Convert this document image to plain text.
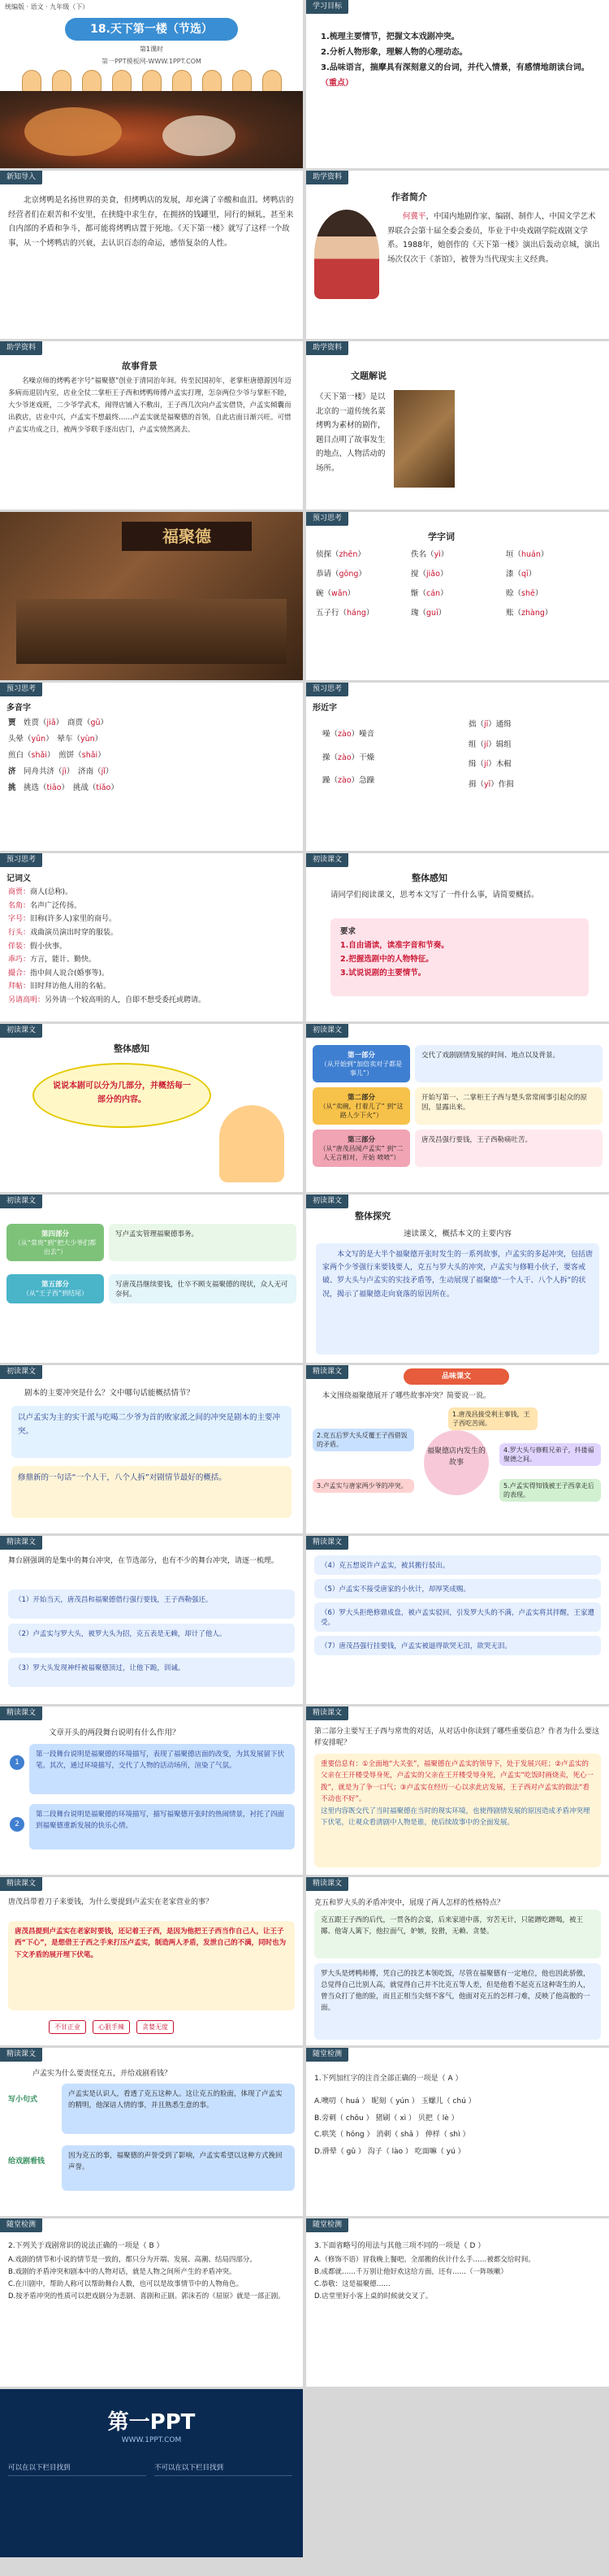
统编版 · 语文 · 九年级（下）
18.天下第一楼（节选）
第1课时
第一PPT模板网-WWW.1PPT.COM
学习目标
1.梳理主要情节，把握文本戏剧冲突。
2.分析人物形象，理解人物的心理动态。
3.品味语言，揣摩具有深刻意义的台词，并代入情景，有感情地朗读台词。（重点）
新知导入
北京烤鸭是名扬世界的美食，但烤鸭店的发展，却充满了辛酸和血泪。烤鸭店的经营者们在艰苦和不安里，在挟缝中求生存，在拥挤的钱罐里，同行的倾轧，甚至来自内部的矛盾和争斗，都可能将烤鸭店置于死地。《天下第一楼》就写了这样一个故事，从一个烤鸭店的兴衰，去认识百态的命运，感悟复杂的人性。
助学资料
作者简介
何冀平，中国内地剧作家、编剧、制作人，中国文学艺术界联合会第十届全委会委员，毕业于中央戏剧学院戏剧文学系。1988年，她创作的《天下第一楼》演出后轰动京城，演出场次仅次于《茶馆》，被誉为当代现实主义经典。
助学资料
故事背景
名噪京师的烤鸭老字号“福聚德”创业于清同治年间。传至民国初年，老掌柜唐德源因年迈多病而退居内室，店业全仗二掌柜王子西和烤鸭师傅卢孟实打理，怎奈两位少爷与掌柜不睦，大少爷迷戏班，二少爷学武术，闹得店铺入不敷出，王子西几次向卢孟实借贷，卢孟实倾囊而出救店，店业中兴，卢孟实不想最终……卢孟实就是福聚德的首领，自此店面日渐兴旺。可惜卢孟实功成之日，被两少爷联手逐出店门，卢孟实愤然离去。
助学资料
文题解说
《天下第一楼》是以北京的一道传统名菜烤鸭为素材的剧作，题目点明了故事发生的地点、人物活动的场所。
福聚德
预习思考
学字词
侦探（zhēn）	佚名（yì）	垣（huán）
恭请（gōng）	搅（jiǎo）	漆（qī）
碗（wǎn）	惭（cán）	赊（shē）
五子行（háng）	瑰（guī）	账（zhàng）
预习思考
多音字
贾　 姓贾（jiǎ）　 商贾（gǔ）
头晕（yūn）　 晕车（yùn）
煎白（shǎi）　 煎饼（shǎi）
济　 同舟共济（jì）　 济南（jǐ）
挑　 挑选（tiāo）　 挑战（tiǎo）
预习思考
形近字
噪（zào）噪音
操（zào）干燥
躁（zào）急躁
拙（jī）通缉
组（jí）辑组
缉（jí）木楫
揖（yī）作揖
预习思考
记词义
商贾：商人(总称)。
名角：名声广泛传扬。
字号：旧称(许多人)家里的商号。
行头：戏曲演员演出时穿的服装。
佯装：假小伙事。
乖巧：方言，能计、勤快。
撮合：指中间人说合(婚事等)。
拜帖：旧时拜访他人用的名帖。
另请高明：另外请一个较高明的人，自即不想受委托或聘请。
初读课文
整体感知
请同学们阅读课文，思考本文写了一件什么事，请简要概括。
要求
1.自由诵读，读准字音和节奏。
2.把握选剧中的人物特征。
3.试说说剧的主要情节。
初读课文
整体感知
说说本剧可以分为几部分，并概括每一部分的内容。
初读课文
第一部分
（从开始到“加倍卖对子都是事儿”）
交代了戏剧剧情发展的时间、地点以及背景。
第二部分
（从“卖碗，打着儿了” 到“这路人少下火”）
开始写第一、二掌柜王子西与楚头常常闹事引起众的原因，显露出来。
第三部分
（从“唐茂昌闻卢孟实” 到“二人无言相对，开始 喷喷”）
唐茂昌强行要钱，王子西勒痛吐苦。
初读课文
第四部分
（从“常贵”到“把大少爷们都出去”）
写卢孟实管理福聚德事务。
第五部分
（从“王子西”到结尾）
写唐茂昌继续要钱，仕卒不顾支福聚德的现状，众人无可奈何。
初读课文
整体探究
速读课文，概括本文的主要内容
本文写的是大半个福聚德开张时发生的一系列故事，卢孟实的多起冲突，包括唐家两个少爷强行来要钱要人，克五与罗大头的冲突，卢孟实与修鞋小伙子，要客戒破、罗大头与卢孟实的实技矛盾等，生动展现了福聚德“一个人干、八个人拆”的状况，揭示了福聚德走向衰落的原因所在。
初读课文
剧本的主要冲突是什么？文中哪句话能概括情节？
以卢孟实为主的实干派与吃喝二少爷为首的败家派之间的冲突是剧本的主要冲突。
修鼎新的一句话“一个人干，八个人拆”对剧情节最好的概括。
精读课文
品味课文
本文围绕福聚德展开了哪些故事冲突？简要说一说。
福聚德店内发生的故事
1.唐茂昌接受利主事钱，王子西吃苦闹。
2.克五后罗大头反覆王子西借饭的矛盾。
3.卢孟实与唐家两少爷的冲突。
4.罗大头与修鞋兄弟子，抖搂福聚德之间。
5.卢孟实得知钱被王子西拿走后的表现。
精读课文
舞台剧强调的是集中的舞台冲突，在节选部分，也有不少的舞台冲突，请逐一梳理。
（1）开始当天，唐茂昌和福聚德借行强行要钱，王子西勒强还。
（2）卢孟实与罗大头，被罗大头为招，克五表是无赖，却计了他人。
（3）罗大头发现神纤被福聚德顶过，让他下跪，训诫。
精读课文
（4）克五想说许卢孟实，被其搬行驳出。
（5）卢孟实不接受唐家的小伙计，却厚笑成赐。
（6）罗大头拒绝修鼎成盘，被卢孟实驳回，引发罗大头的不满，卢孟实将其拌醒，王家遭受。
（7）唐茂昌强行挂要钱，卢孟实被逼得欲哭无泪，欲哭无泪。
精读课文
文章开头的两段舞台说明有什么作用？
1
第一段舞台说明是福聚德的环境描写，表现了福聚德店面的改变，为其发展留下伏笔。其次，通过环境描写，交代了人物的活动场所，渲染了气氛。
2
第二段舞台说明是福聚德的环境描写，描写福聚德开张时的热闹情景，衬托了四面到福聚德重新发展的快乐心情。
精读课文
第二部分主要写王子西与常贵的对话，从对话中你读到了哪些重要信息？作者为什么要这样安排呢？
重要信息有：①全面地“大关张”，福聚德在卢孟实的领导下，处于发展兴旺；②卢孟实的父亲在王开楼受辱身死，卢孟实的父亲在王开楼受辱身死，卢孟实“吃饭时画烧卖，死心一拨”，就是为了争一口气；③卢孟实在经历一心以求此店发展，王子西对卢孟实的做法“看不动也不好”。
这里内容既交代了当时福聚德在当时的现实环境，也使得剧情发展的原因造成矛盾冲突埋下伏笔，让观众看清剧中人物是谁，使后续故事中的全面发展。
精读课文
唐茂昌带着刀子来要钱，为什么要提到卢孟实在老家营业的事？
唐茂昌提到卢孟实在老家时要钱，还记着王子西，是因为他把王子西当作自己人，让王子西“下心”，是想借王子西之手来打压卢孟实，制造两人矛盾，发泄自己的不满，同时也为下文矛盾的展开埋下伏笔。
不甘正业	心狠手辣	贪婪无度
精读课文
克五和罗大头的矛盾冲突中，展现了两人怎样的性格特点？
克五跟王子西的后代，一贯各的会宴，后来家道中落，穷苦无计，只能蹭吃蹭喝，被王揶、他寄人篱下，他拉面气，妒嫉，狡猾，无赖、贪婪。
罗大头是烤鸭师傅，凭自己的技艺本领吃饭，尽管在福聚德有一定地位，他也因此骄傲，总觉得自己比别人高，就觉得自己并不比克五等人差，但是他看不起克五这种寄生的人，曾当众打了他的脸，而且正相当尖刻不客气，他面对克五的怎样刁难，反映了他高傲的一面。
精读课文
卢孟实为什么要责怪克五，并给戏剧看钱？
写小句式
卢孟实是认识人，看透了克五这种人。这让克五的脸面，体现了卢孟实的精明，他深谙人情的事，并且熟悉生意的事。
给戏剧看钱
因为克五的事，福聚德的声誉受到了影响，卢孟实希望以这种方式挽回声誉。
随堂检测
1.下列加红字的注音全部正确的一项是（ A ）
A.噢叨（ huá ） 昵刻（ yún ） 玉螺儿（ chú ）
B.旁刺（ chǒu ） 猪刷（ xì ） 贝把（ lè ）
C.哄笑（ hōng ） 消刺（ shǎ ） 伸样（ shì ）
D.滑晕（ gǔ ） 沟子（ lào ） 吃面嘛（ yú ）
随堂检测
2.下列关于戏剧常识的说法正确的一项是（ B ）
A.戏剧的情节和小说的情节是一致的，都只分为开端、发展、高潮、结局四部分。
B.戏剧的矛盾冲突和剧本中的人物对话，就是人物之间所产生的矛盾冲突。
C.在川剧中，帮助人称可以帮助舞台人数，也可以是故事情节中的人物角色。
D.按矛盾冲突的性质可以把戏剧分为悲剧、喜剧和正剧。郭沫若的《屈原》就是一部正剧。
随堂检测
3.下面省略号的用法与其他三项不同的一项是（ D ）
A.（修饰不语）冒我晚上餐吧。全部搬的伙计什么手……被都交给时间。
B.成都就……千万别让他好欢这给方面，还有……（一阵咳嗽）
C.恭敬：这是福聚德……
D.店堂里好小客上桌的时候就交叉了。
第一PPT
WWW.1PPT.COM
可以在以下栏目找到	不可以在以下栏目找到
